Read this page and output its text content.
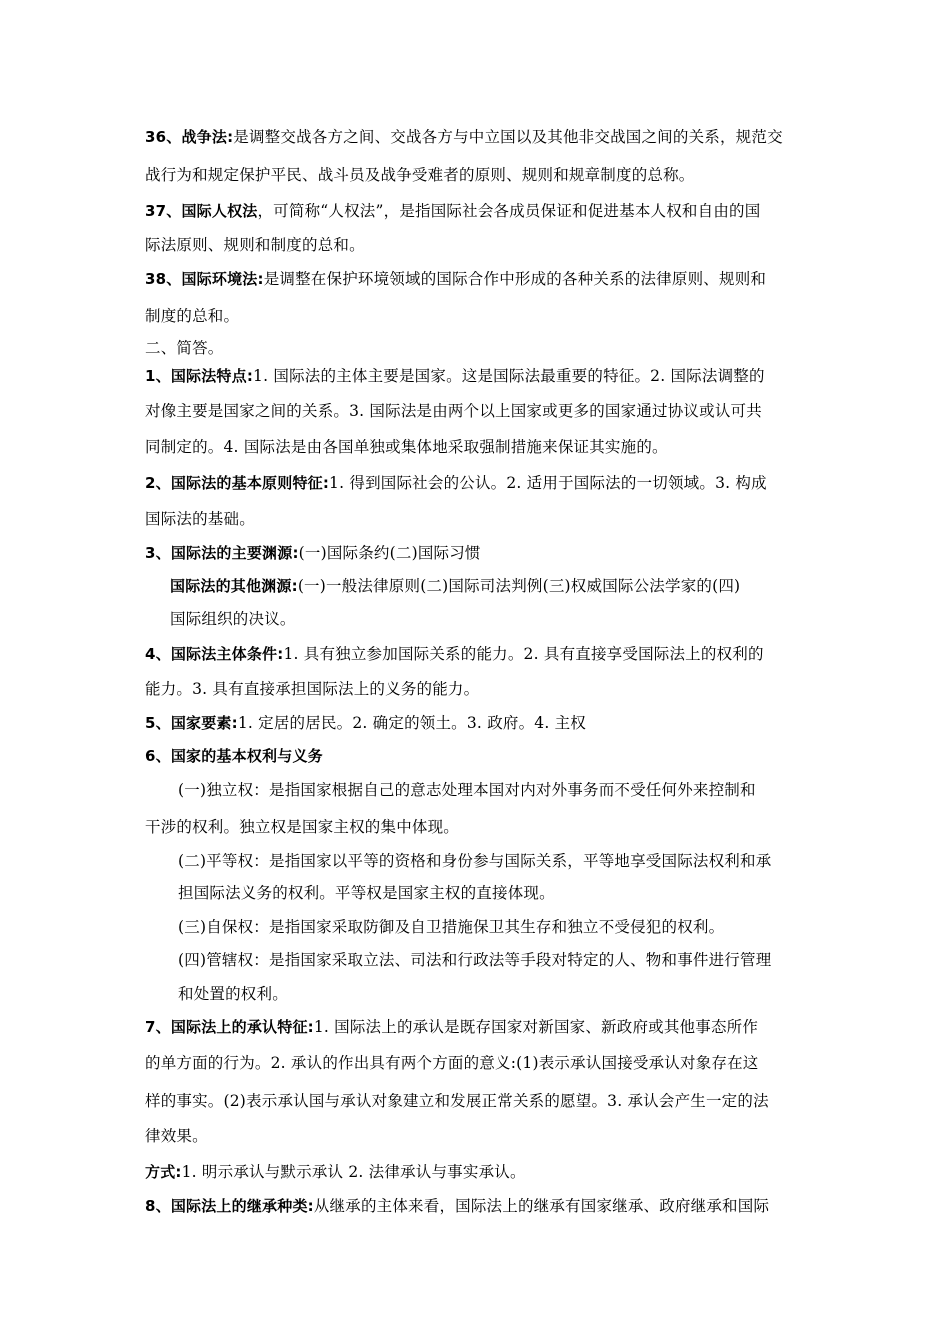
36、战争法:是调整交战各方之间、交战各方与中立国以及其他非交战国之间的关系，规范交
战行为和规定保护平民、战斗员及战争受难者的原则、规则和规章制度的总称。
37、国际人权法，可简称“人权法”，是指国际社会各成员保证和促进基本人权和自由的国
际法原则、规则和制度的总和。
38、国际环境法:是调整在保护环境领域的国际合作中形成的各种关系的法律原则、规则和
制度的总和。
二、简答。
1、国际法特点:1. 国际法的主体主要是国家。这是国际法最重要的特征。2. 国际法调整的
对像主要是国家之间的关系。3. 国际法是由两个以上国家或更多的国家通过协议或认可共
同制定的。4. 国际法是由各国单独或集体地采取强制措施来保证其实施的。
2、国际法的基本原则特征:1. 得到国际社会的公认。2. 适用于国际法的一切领域。3. 构成
国际法的基础。
3、国际法的主要渊源:(一)国际条约(二)国际习惯
国际法的其他渊源:(一)一般法律原则(二)国际司法判例(三)权威国际公法学家的(四)
国际组织的决议。
4、国际法主体条件:1. 具有独立参加国际关系的能力。2. 具有直接享受国际法上的权利的
能力。3. 具有直接承担国际法上的义务的能力。
5、国家要素:1. 定居的居民。2. 确定的领土。3. 政府。4. 主权
6、国家的基本权利与义务
(一)独立权：是指国家根据自己的意志处理本国对内对外事务而不受任何外来控制和
干涉的权利。独立权是国家主权的集中体现。
(二)平等权：是指国家以平等的资格和身份参与国际关系，平等地享受国际法权利和承
担国际法义务的权利。平等权是国家主权的直接体现。
(三)自保权：是指国家采取防御及自卫措施保卫其生存和独立不受侵犯的权利。
(四)管辖权：是指国家采取立法、司法和行政法等手段对特定的人、物和事件进行管理
和处置的权利。
7、国际法上的承认特征:1. 国际法上的承认是既存国家对新国家、新政府或其他事态所作
的单方面的行为。2. 承认的作出具有两个方面的意义:(1)表示承认国接受承认对象存在这
样的事实。(2)表示承认国与承认对象建立和发展正常关系的愿望。3. 承认会产生一定的法
律效果。
方式:1. 明示承认与默示承认 2. 法律承认与事实承认。
8、国际法上的继承种类:从继承的主体来看，国际法上的继承有国家继承、政府继承和国际
